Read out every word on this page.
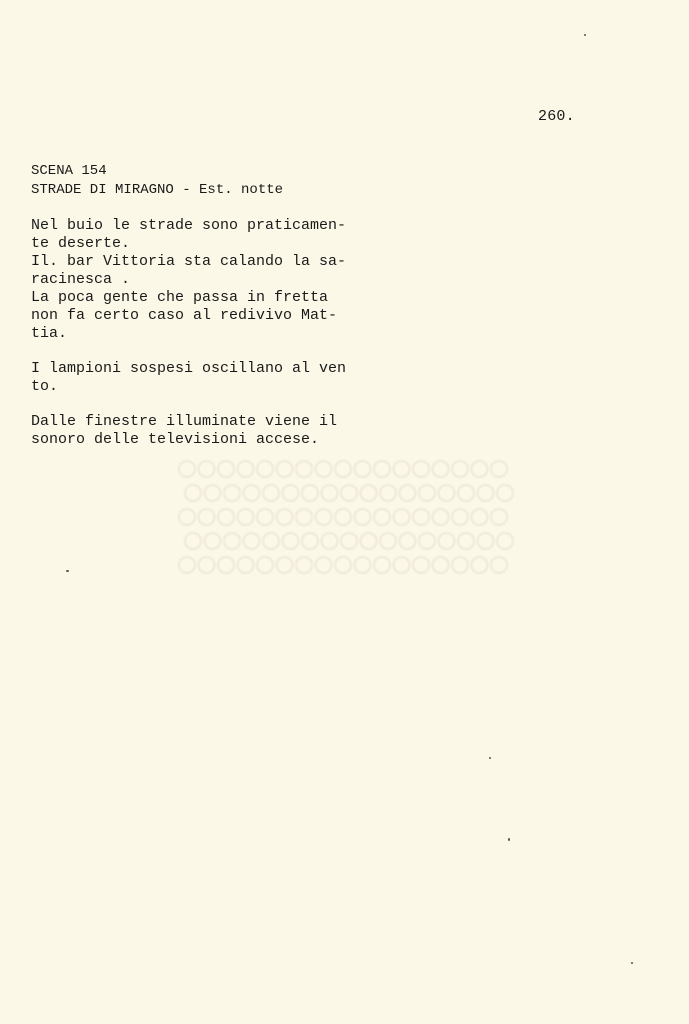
260.
SCENA 154
STRADE DI MIRAGNO - Est. notte
Nel buio le strade sono praticamen-
te deserte.
Il. bar Vittoria sta calando la sa-
racinesca .
La poca gente che passa in fretta
non fa certo caso al redivivo Mat-
tia.
I lampioni sospesi oscillano al ven
to.
Dalle finestre illuminate viene il
sonoro delle televisioni accese.
